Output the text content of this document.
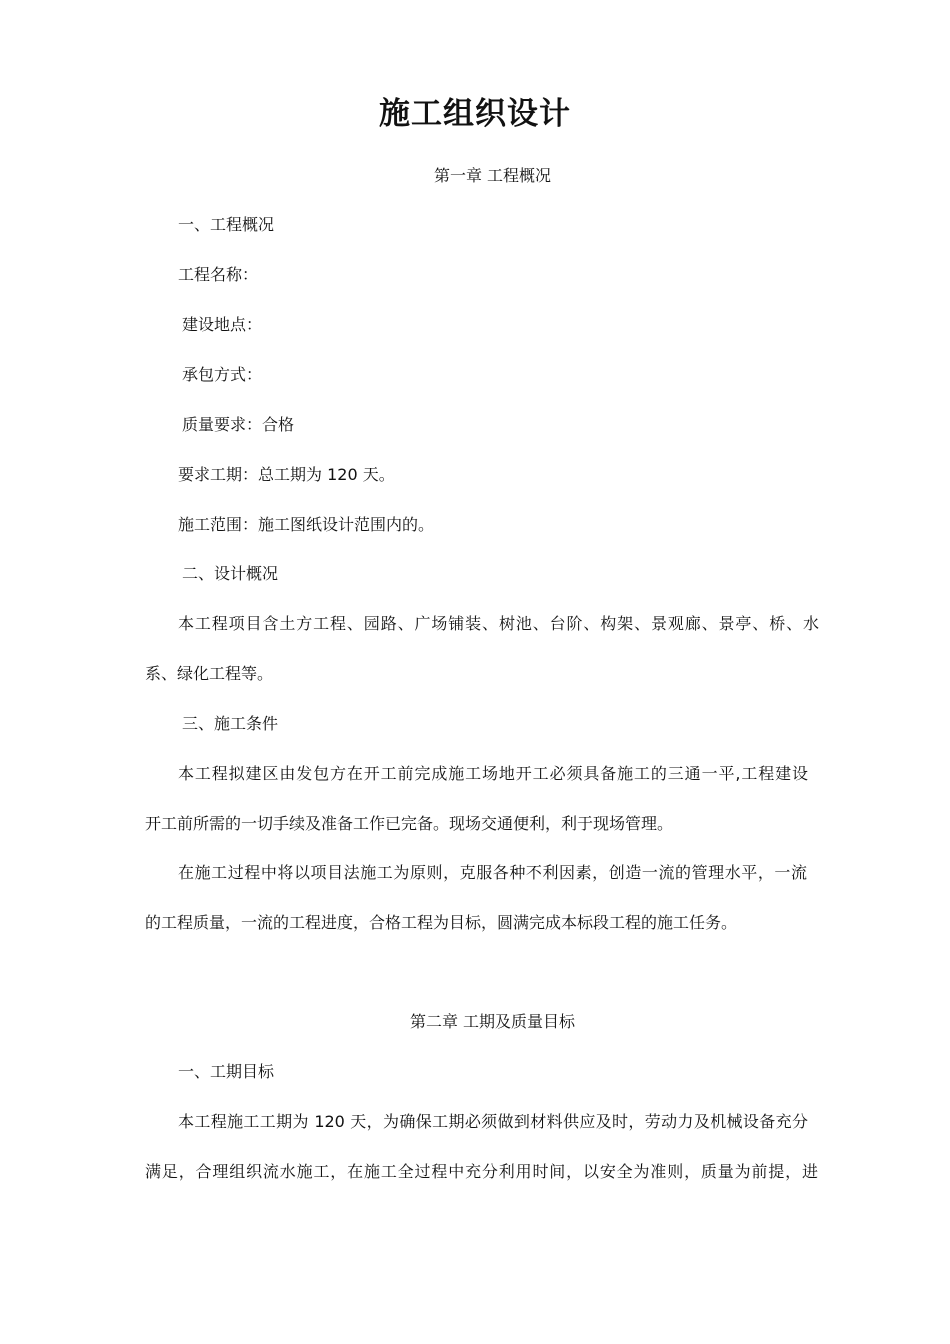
施工组织设计
第一章 工程概况
一、工程概况
工程名称：
建设地点：
承包方式：
质量要求：合格
要求工期：总工期为 120 天。
施工范围：施工图纸设计范围内的。
二、设计概况
本工程项目含土方工程、园路、广场铺装、树池、台阶、构架、景观廊、景亭、桥、水
系、绿化工程等。
三、施工条件
本工程拟建区由发包方在开工前完成施工场地开工必须具备施工的三通一平,工程建设
开工前所需的一切手续及准备工作已完备。现场交通便利，利于现场管理。
在施工过程中将以项目法施工为原则，克服各种不利因素，创造一流的管理水平，一流
的工程质量，一流的工程进度，合格工程为目标，圆满完成本标段工程的施工任务。
第二章 工期及质量目标
一、工期目标
本工程施工工期为 120 天，为确保工期必须做到材料供应及时，劳动力及机械设备充分
满足，合理组织流水施工，在施工全过程中充分利用时间，以安全为准则，质量为前提，进
